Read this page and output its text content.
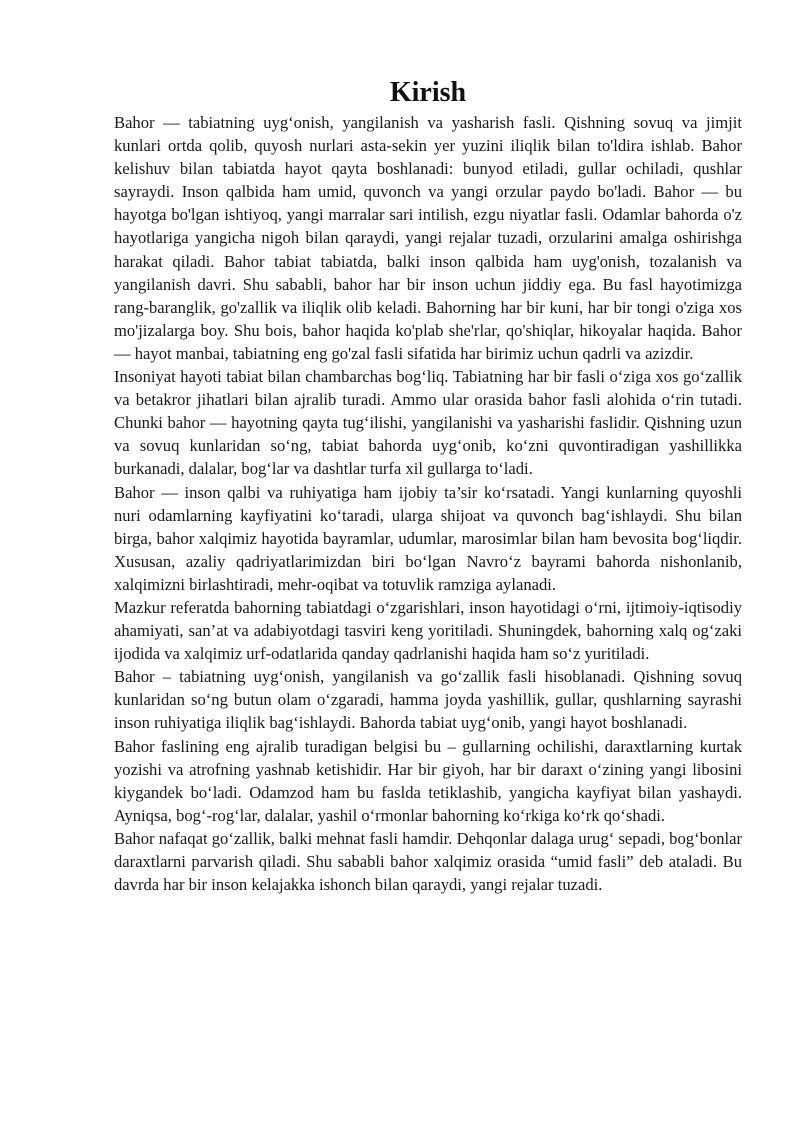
Kirish

Bahor — tabiatning uyg‘onish, yangilanish va yasharish fasli. Qishning sovuq va jimjit kunlari ortda qolib, quyosh nurlari asta-sekin yer yuzini iliqlik bilan to'ldira ishlab. Bahor kelishuv bilan tabiatda hayot qayta boshlanadi: bunyod etiladi, gullar ochiladi, qushlar sayraydi. Inson qalbida ham umid, quvonch va yangi orzular paydo bo'ladi. Bahor — bu hayotga bo'lgan ishtiyoq, yangi marralar sari intilish, ezgu niyatlar fasli. Odamlar bahorda o'z hayotlariga yangicha nigoh bilan qaraydi, yangi rejalar tuzadi, orzularini amalga oshirishga harakat qiladi. Bahor tabiat tabiatda, balki inson qalbida ham uyg'onish, tozalanish va yangilanish davri. Shu sababli, bahor har bir inson uchun jiddiy ega. Bu fasl hayotimizga rang-baranglik, go'zallik va iliqlik olib keladi. Bahorning har bir kuni, har bir tongi o'ziga xos mo'jizalarga boy. Shu bois, bahor haqida ko'plab she'rlar, qo'shiqlar, hikoyalar haqida. Bahor — hayot manbai, tabiatning eng go'zal fasli sifatida har birimiz uchun qadrli va azizdir.

Insoniyat hayoti tabiat bilan chambarchas bog‘liq. Tabiatning har bir fasli o‘ziga xos go‘zallik va betakror jihatlari bilan ajralib turadi. Ammo ular orasida bahor fasli alohida o‘rin tutadi. Chunki bahor — hayotning qayta tug‘ilishi, yangilanishi va yasharishi faslidir. Qishning uzun va sovuq kunlaridan so‘ng, tabiat bahorda uyg‘onib, ko‘zni quvontiradigan yashillikka burkanadi, dalalar, bog‘lar va dashtlar turfa xil gullarga to‘ladi.

Bahor — inson qalbi va ruhiyatiga ham ijobiy ta’sir ko‘rsatadi. Yangi kunlarning quyoshli nuri odamlarning kayfiyatini ko‘taradi, ularga shijoat va quvonch bag‘ishlaydi. Shu bilan birga, bahor xalqimiz hayotida bayramlar, udumlar, marosimlar bilan ham bevosita bog‘liqdir. Xususan, azaliy qadriyatlarimizdan biri bo‘lgan Navro‘z bayrami bahorda nishonlanib, xalqimizni birlashtiradi, mehr-oqibat va totuvlik ramziga aylanadi.

Mazkur referatda bahorning tabiatdagi o‘zgarishlari, inson hayotidagi o‘rni, ijtimoiy-iqtisodiy ahamiyati, san’at va adabiyotdagi tasviri keng yoritiladi. Shuningdek, bahorning xalq og‘zaki ijodida va xalqimiz urf-odatlarida qanday qadrlanishi haqida ham so‘z yuritiladi.

Bahor – tabiatning uyg‘onish, yangilanish va go‘zallik fasli hisoblanadi. Qishning sovuq kunlaridan so‘ng butun olam o‘zgaradi, hamma joyda yashillik, gullar, qushlarning sayrashi inson ruhiyatiga iliqlik bag‘ishlaydi. Bahorda tabiat uyg‘onib, yangi hayot boshlanadi.

Bahor faslining eng ajralib turadigan belgisi bu – gullarning ochilishi, daraxtlarning kurtak yozishi va atrofning yashnab ketishidir. Har bir giyoh, har bir daraxt o‘zining yangi libosini kiygandek bo‘ladi. Odamzod ham bu faslda tetiklashib, yangicha kayfiyat bilan yashaydi. Ayniqsa, bog‘-rog‘lar, dalalar, yashil o‘rmonlar bahorning ko‘rkiga ko‘rk qo‘shadi.

Bahor nafaqat go‘zallik, balki mehnat fasli hamdir. Dehqonlar dalaga urug‘ sepadi, bog‘bonlar daraxtlarni parvarish qiladi. Shu sababli bahor xalqimiz orasida “umid fasli” deb ataladi. Bu davrda har bir inson kelajakka ishonch bilan qaraydi, yangi rejalar tuzadi.
